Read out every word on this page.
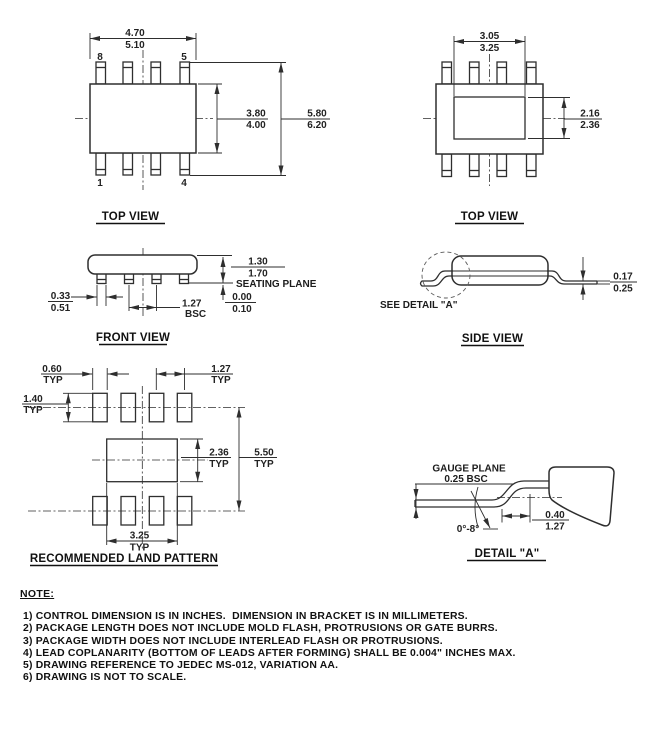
8	5
1	4
4.70
5.10
3.80
4.00
5.80
6.20
TOP VIEW
3.05
3.25
2.16
2.36
TOP VIEW
1.30
1.70
SEATING PLANE
0.00
0.10
0.33
0.51	1.27
BSC
FRONT VIEW
SEE DETAIL "A"
0.17
0.25
SIDE VIEW
0.60
TYP
1.27
TYP
1.40
TYP
2.36
TYP
5.50
TYP
3.25
TYP
RECOMMENDED LAND PATTERN
GAUGE PLANE
0.25 BSC
0°-8°
0.40
1.27
DETAIL "A"
NOTE:
1) CONTROL DIMENSION IS IN INCHES.  DIMENSION IN BRACKET IS IN MILLIMETERS.
2) PACKAGE LENGTH DOES NOT INCLUDE MOLD FLASH, PROTRUSIONS OR GATE BURRS.
3) PACKAGE WIDTH DOES NOT INCLUDE INTERLEAD FLASH OR PROTRUSIONS.
4) LEAD COPLANARITY (BOTTOM OF LEADS AFTER FORMING) SHALL BE 0.004" INCHES MAX.
5) DRAWING REFERENCE TO JEDEC MS-012, VARIATION AA.
6) DRAWING IS NOT TO SCALE.
